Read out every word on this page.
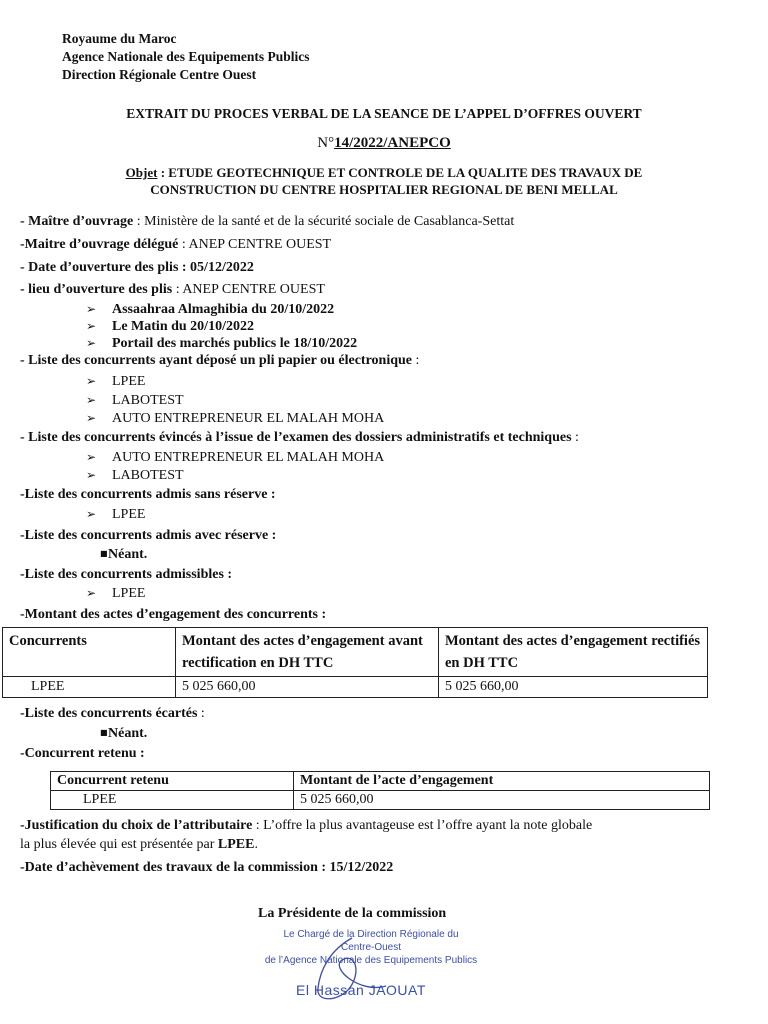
Royaume du Maroc
Agence Nationale des Equipements Publics
Direction Régionale Centre Ouest
EXTRAIT DU PROCES VERBAL DE LA SEANCE DE L’APPEL D’OFFRES OUVERT
N°14/2022/ANEPCO
Objet : ETUDE GEOTECHNIQUE ET CONTROLE DE LA QUALITE DES TRAVAUX DE
CONSTRUCTION DU CENTRE HOSPITALIER REGIONAL DE BENI MELLAL
- Maître d’ouvrage : Ministère de la santé et de la sécurité sociale de Casablanca-Settat
-Maitre d’ouvrage délégué : ANEP CENTRE OUEST
- Date d’ouverture des plis : 05/12/2022
- lieu d’ouverture des plis : ANEP CENTRE OUEST
➢ Assaahraa Almaghibia du 20/10/2022
➢ Le Matin du 20/10/2022
➢ Portail des marchés publics le 18/10/2022
- Liste des concurrents ayant déposé un pli papier ou électronique :
➢ LPEE
➢ LABOTEST
➢ AUTO ENTREPRENEUR EL MALAH MOHA
- Liste des concurrents évincés à l’issue de l’examen des dossiers administratifs et techniques :
➢ AUTO ENTREPRENEUR EL MALAH MOHA
➢ LABOTEST
-Liste des concurrents admis sans réserve :
➢ LPEE
-Liste des concurrents admis avec réserve :
■Néant.
-Liste des concurrents admissibles :
➢ LPEE
-Montant des actes d’engagement des concurrents :
Concurrents	Montant des actes d’engagement avant rectification en DH TTC	Montant des actes d’engagement rectifiés en DH TTC
LPEE	5 025 660,00	5 025 660,00
-Liste des concurrents écartés :
■Néant.
-Concurrent retenu :
Concurrent retenu	Montant de l’acte d’engagement
LPEE	5 025 660,00
-Justification du choix de l’attributaire : L’offre la plus avantageuse est l’offre ayant la note globale
la plus élevée qui est présentée par LPEE.
-Date d’achèvement des travaux de la commission : 15/12/2022
La Présidente de la commission
Le Chargé de la Direction Régionale du
Centre-Ouest
de l’Agence Nationale des Equipements Publics
El Hassan JAOUAT
